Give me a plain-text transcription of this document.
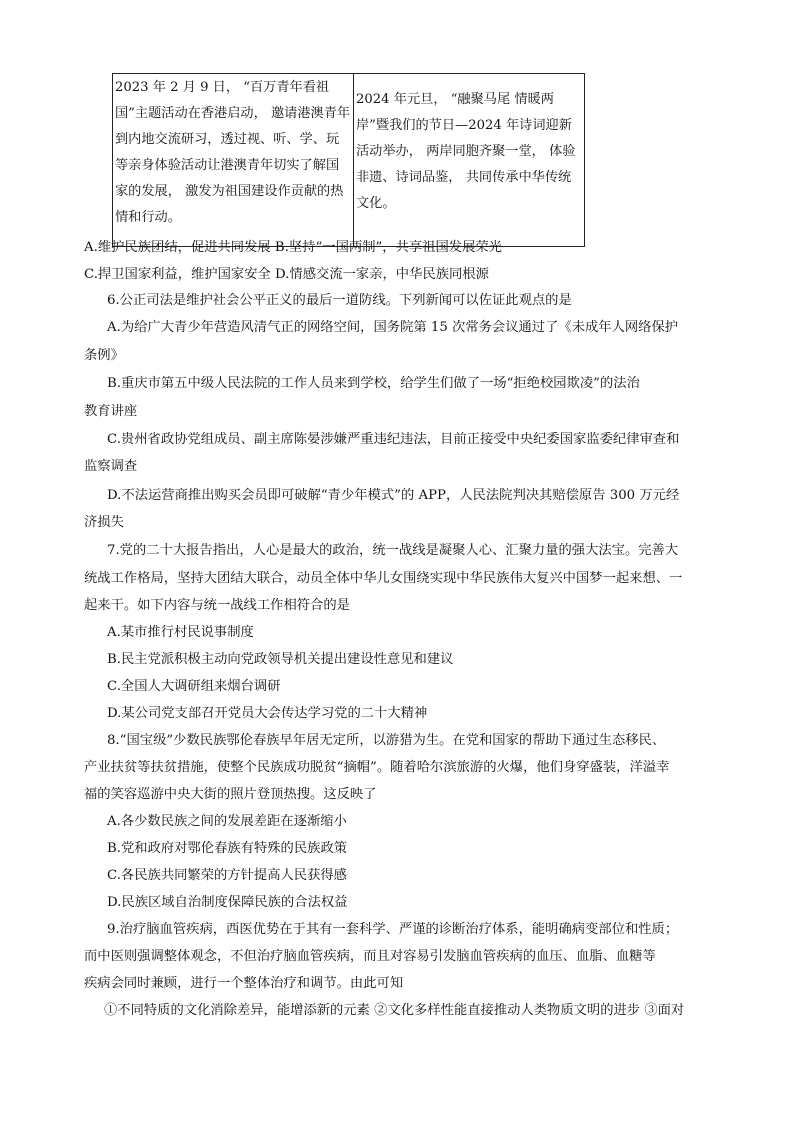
2023 年 2 月 9 日， “百万青年看祖国”主题活动在香港启动， 邀请港澳青年到内地交流研习，透过视、听、学、玩等亲身体验活动让港澳青年切实了解国家的发展， 激发为祖国建设作贡献的热情和行动。	2024 年元旦， “融聚马尾 情暖两岸”暨我们的节日—2024 年诗词迎新活动举办， 两岸同胞齐聚一堂， 体验非遗、诗词品鉴， 共同传承中华传统文化。
A.维护民族团结，促进共同发展 B.坚持“一国两制”，共享祖国发展荣光
C.捍卫国家利益，维护国家安全 D.情感交流一家亲，中华民族同根源
6.公正司法是维护社会公平正义的最后一道防线。下列新闻可以佐证此观点的是
A.为给广大青少年营造风清气正的网络空间，国务院第 15 次常务会议通过了《未成年人网络保护
条例》
B.重庆市第五中级人民法院的工作人员来到学校，给学生们做了一场“拒绝校园欺凌”的法治
教育讲座
C.贵州省政协党组成员、副主席陈晏涉嫌严重违纪违法，目前正接受中央纪委国家监委纪律审查和
监察调查
D.不法运营商推出购买会员即可破解“青少年模式”的 APP，人民法院判决其赔偿原告 300 万元经
济损失
7.党的二十大报告指出，人心是最大的政治，统一战线是凝聚人心、汇聚力量的强大法宝。完善大
统战工作格局，坚持大团结大联合，动员全体中华儿女围绕实现中华民族伟大复兴中国梦一起来想、一
起来干。如下内容与统一战线工作相符合的是
A.某市推行村民说事制度
B.民主党派积极主动向党政领导机关提出建设性意见和建议
C.全国人大调研组来烟台调研
D.某公司党支部召开党员大会传达学习党的二十大精神
8.“国宝级”少数民族鄂伦春族早年居无定所，以游猎为生。在党和国家的帮助下通过生态移民、
产业扶贫等扶贫措施，使整个民族成功脱贫“摘帽”。随着哈尔滨旅游的火爆，他们身穿盛装，洋溢幸
福的笑容巡游中央大街的照片登顶热搜。这反映了
A.各少数民族之间的发展差距在逐渐缩小
B.党和政府对鄂伦春族有特殊的民族政策
C.各民族共同繁荣的方针提高人民获得感
D.民族区域自治制度保障民族的合法权益
9.治疗脑血管疾病，西医优势在于其有一套科学、严谨的诊断治疗体系，能明确病变部位和性质；
而中医则强调整体观念，不但治疗脑血管疾病，而且对容易引发脑血管疾病的血压、血脂、血糖等
疾病会同时兼顾，进行一个整体治疗和调节。由此可知
①不同特质的文化消除差异，能增添新的元素 ②文化多样性能直接推动人类物质文明的进步 ③面对
